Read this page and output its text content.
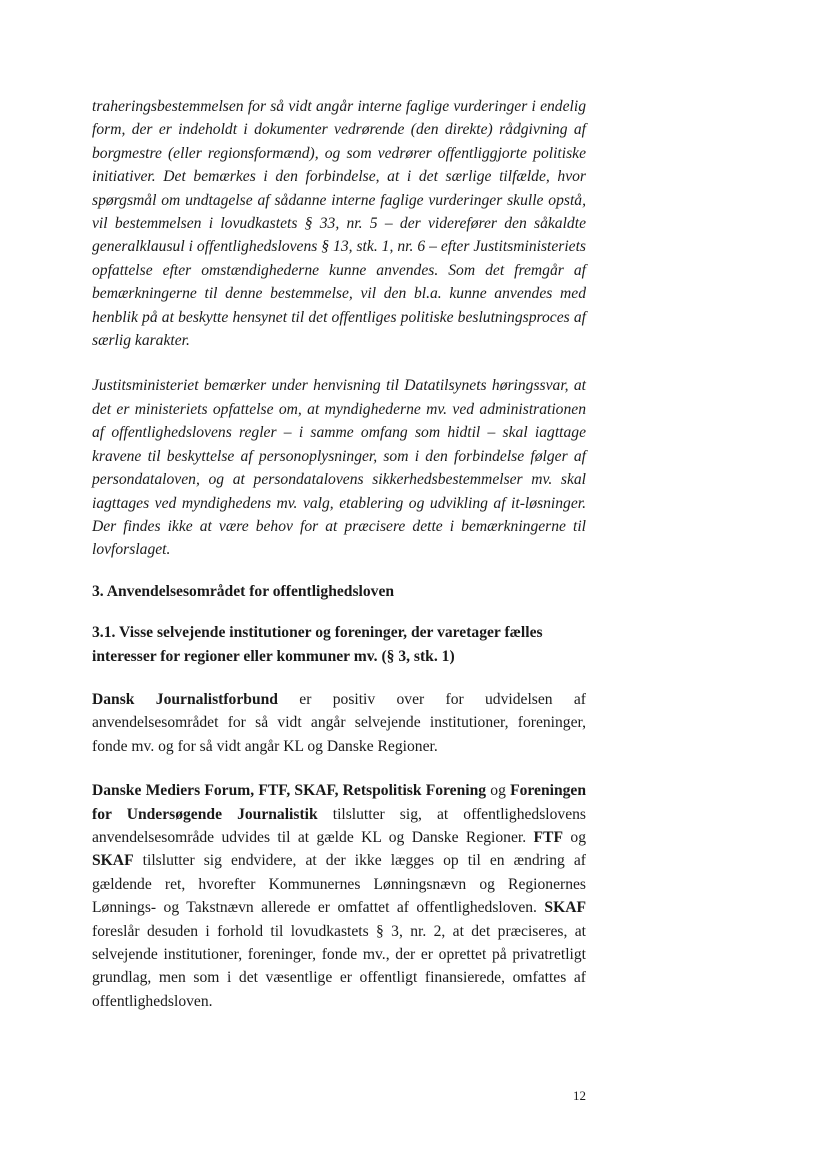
traheringsbestemmelsen for så vidt angår interne faglige vurderinger i endelig form, der er indeholdt i dokumenter vedrørende (den direkte) rådgivning af borgmestre (eller regionsformænd), og som vedrører offentliggjorte politiske initiativer. Det bemærkes i den forbindelse, at i det særlige tilfælde, hvor spørgsmål om undtagelse af sådanne interne faglige vurderinger skulle opstå, vil bestemmelsen i lovudkastets § 33, nr. 5 – der viderefører den såkaldte generalklausul i offentlighedslovens § 13, stk. 1, nr. 6 – efter Justitsministeriets opfattelse efter omstændighederne kunne anvendes. Som det fremgår af bemærkningerne til denne bestemmelse, vil den bl.a. kunne anvendes med henblik på at beskytte hensynet til det offentliges politiske beslutningsproces af særlig karakter.

Justitsministeriet bemærker under henvisning til Datatilsynets høringssvar, at det er ministeriets opfattelse om, at myndighederne mv. ved administrationen af offentlighedslovens regler – i samme omfang som hidtil – skal iagttage kravene til beskyttelse af personoplysninger, som i den forbindelse følger af persondataloven, og at persondatalovens sikkerhedsbestemmelser mv. skal iagttages ved myndighedens mv. valg, etablering og udvikling af it-løsninger. Der findes ikke at være behov for at præcisere dette i bemærkningerne til lovforslaget.

3. Anvendelsesområdet for offentlighedsloven
3.1. Visse selvejende institutioner og foreninger, der varetager fælles interesser for regioner eller kommuner mv. (§ 3, stk. 1)

Dansk Journalistforbund er positiv over for udvidelsen af anvendelsesområdet for så vidt angår selvejende institutioner, foreninger, fonde mv. og for så vidt angår KL og Danske Regioner.

Danske Mediers Forum, FTF, SKAF, Retspolitisk Forening og Foreningen for Undersøgende Journalistik tilslutter sig, at offentlighedslovens anvendelsesområde udvides til at gælde KL og Danske Regioner. FTF og SKAF tilslutter sig endvidere, at der ikke lægges op til en ændring af gældende ret, hvorefter Kommunernes Lønningsnævn og Regionernes Lønnings- og Takstnævn allerede er omfattet af offentlighedsloven. SKAF foreslår desuden i forhold til lovudkastets § 3, nr. 2, at det præciseres, at selvejende institutioner, foreninger, fonde mv., der er oprettet på privatretligt grundlag, men som i det væsentlige er offentligt finansierede, omfattes af offentlighedsloven.

12
